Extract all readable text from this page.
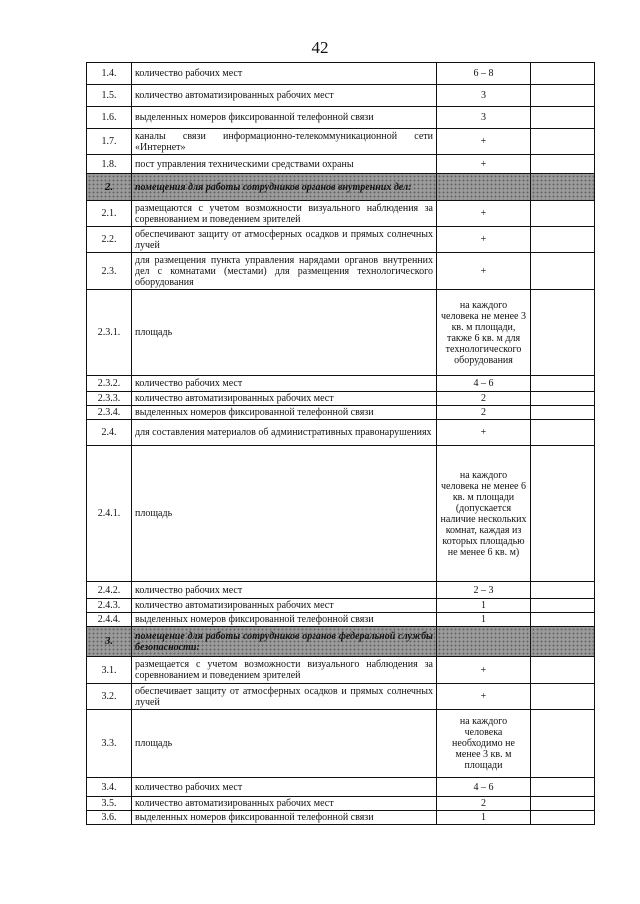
42
1.4.	количество рабочих мест	6 – 8	
1.5.	количество автоматизированных рабочих мест	3	
1.6.	выделенных номеров фиксированной телефонной связи	3	
1.7.	каналы связи информационно-телекоммуникационной сети «Интернет»	+	
1.8.	пост управления техническими средствами охраны	+	
2.	помещения для работы сотрудников органов внутренних дел:		
2.1.	размещаются с учетом возможности визуального наблюдения за соревнованием и поведением зрителей	+	
2.2.	обеспечивают защиту от атмосферных осадков и прямых солнечных лучей	+	
2.3.	для размещения пункта управления нарядами органов внутренних дел с комнатами (местами) для размещения технологического оборудования	+	
2.3.1.	площадь	на каждого человека не менее 3 кв. м площади, также 6 кв. м для технологического оборудования	
2.3.2.	количество рабочих мест	4 – 6	
2.3.3.	количество автоматизированных рабочих мест	2	
2.3.4.	выделенных номеров фиксированной телефонной связи	2	
2.4.	для составления материалов об административных правонарушениях	+	
2.4.1.	площадь	на каждого человека не менее 6 кв. м площади (допускается наличие нескольких комнат, каждая из которых площадью не менее 6 кв. м)	
2.4.2.	количество рабочих мест	2 – 3	
2.4.3.	количество автоматизированных рабочих мест	1	
2.4.4.	выделенных номеров фиксированной телефонной связи	1	
3.	помещение для работы сотрудников органов федеральной службы безопасности:		
3.1.	размещается с учетом возможности визуального наблюдения за соревнованием и поведением зрителей	+	
3.2.	обеспечивает защиту от атмосферных осадков и прямых солнечных лучей	+	
3.3.	площадь	на каждого человека необходимо не менее 3 кв. м площади	
3.4.	количество рабочих мест	4 – 6	
3.5.	количество автоматизированных рабочих мест	2	
3.6.	выделенных номеров фиксированной телефонной связи	1	
